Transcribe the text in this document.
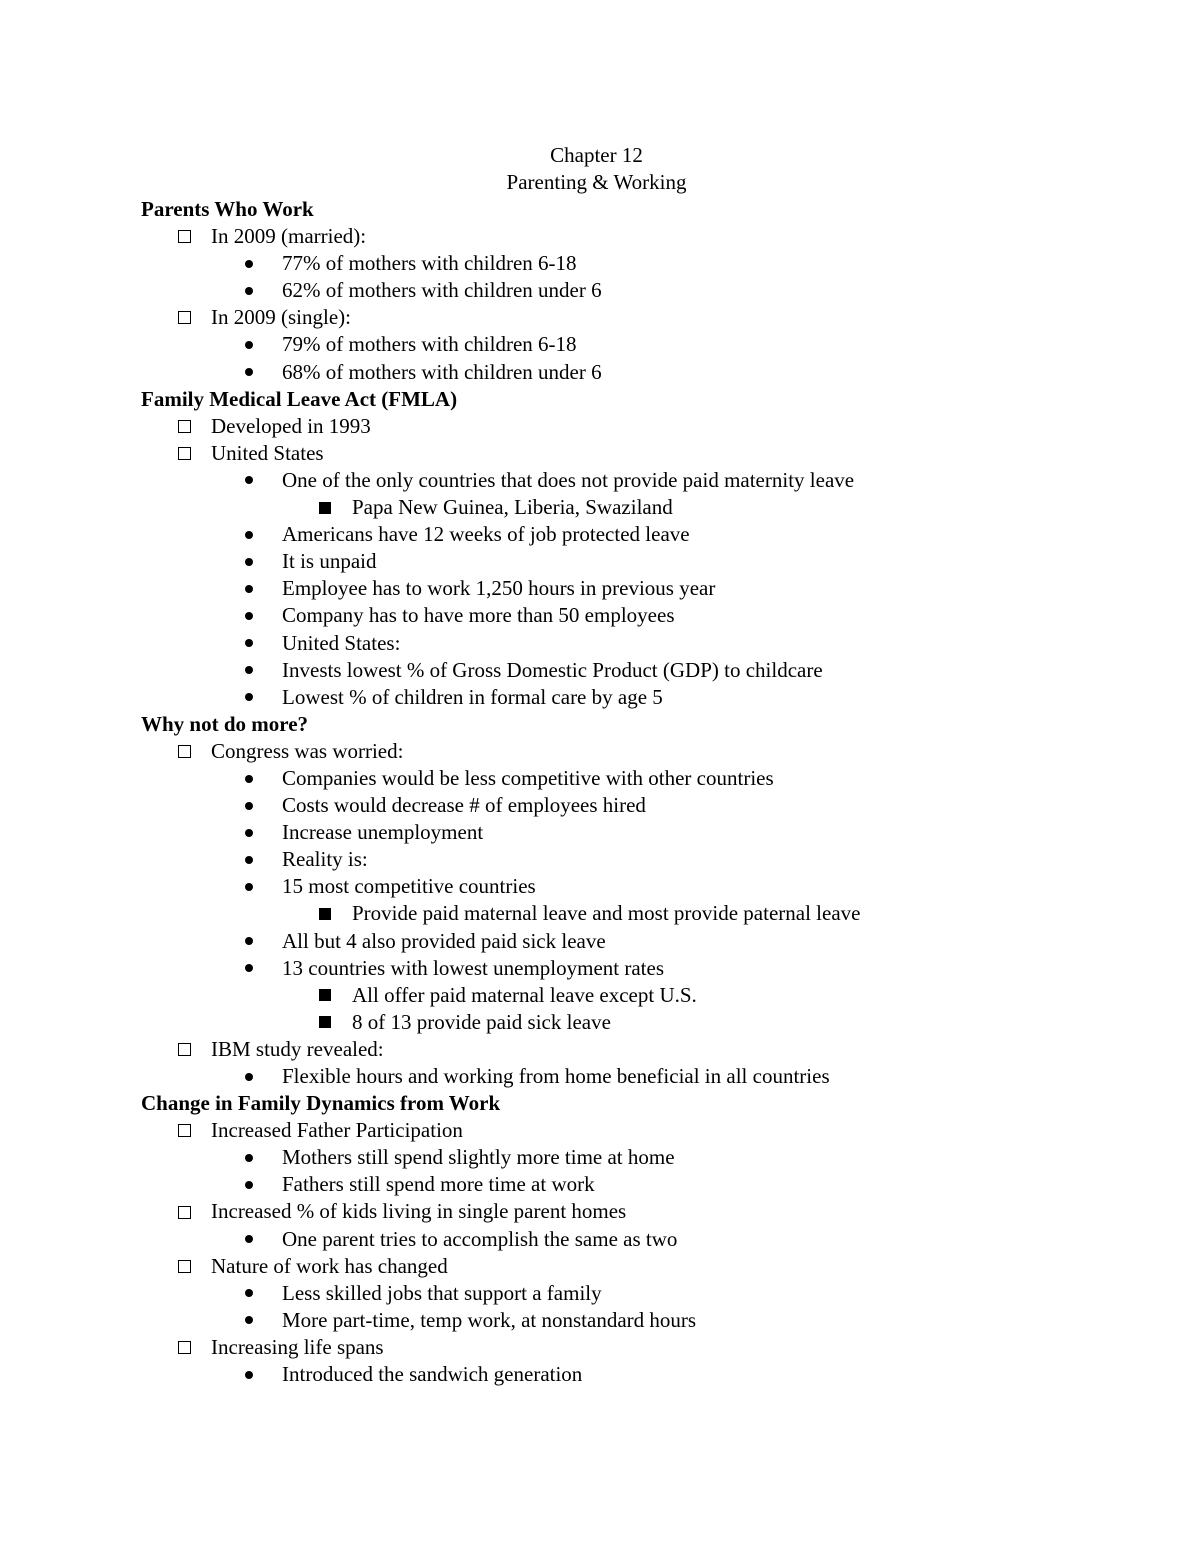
Chapter 12
Parenting & Working
Parents Who Work
In 2009 (married):
77% of mothers with children 6-18
62% of mothers with children under 6
In 2009 (single):
79% of mothers with children 6-18
68% of mothers with children under 6
Family Medical Leave Act (FMLA)
Developed in 1993
United States
One of the only countries that does not provide paid maternity leave
Papa New Guinea, Liberia, Swaziland
Americans have 12 weeks of job protected leave
It is unpaid
Employee has to work 1,250 hours in previous year
Company has to have more than 50 employees
United States:
Invests lowest % of Gross Domestic Product (GDP) to childcare
Lowest % of children in formal care by age 5
Why not do more?
Congress was worried:
Companies would be less competitive with other countries
Costs would decrease # of employees hired
Increase unemployment
Reality is:
15 most competitive countries
Provide paid maternal leave and most provide paternal leave
All but 4 also provided paid sick leave
13 countries with lowest unemployment rates
All offer paid maternal leave except U.S.
8 of 13 provide paid sick leave
IBM study revealed:
Flexible hours and working from home beneficial in all countries
Change in Family Dynamics from Work
Increased Father Participation
Mothers still spend slightly more time at home
Fathers still spend more time at work
Increased % of kids living in single parent homes
One parent tries to accomplish the same as two
Nature of work has changed
Less skilled jobs that support a family
More part-time, temp work, at nonstandard hours
Increasing life spans
Introduced the sandwich generation
